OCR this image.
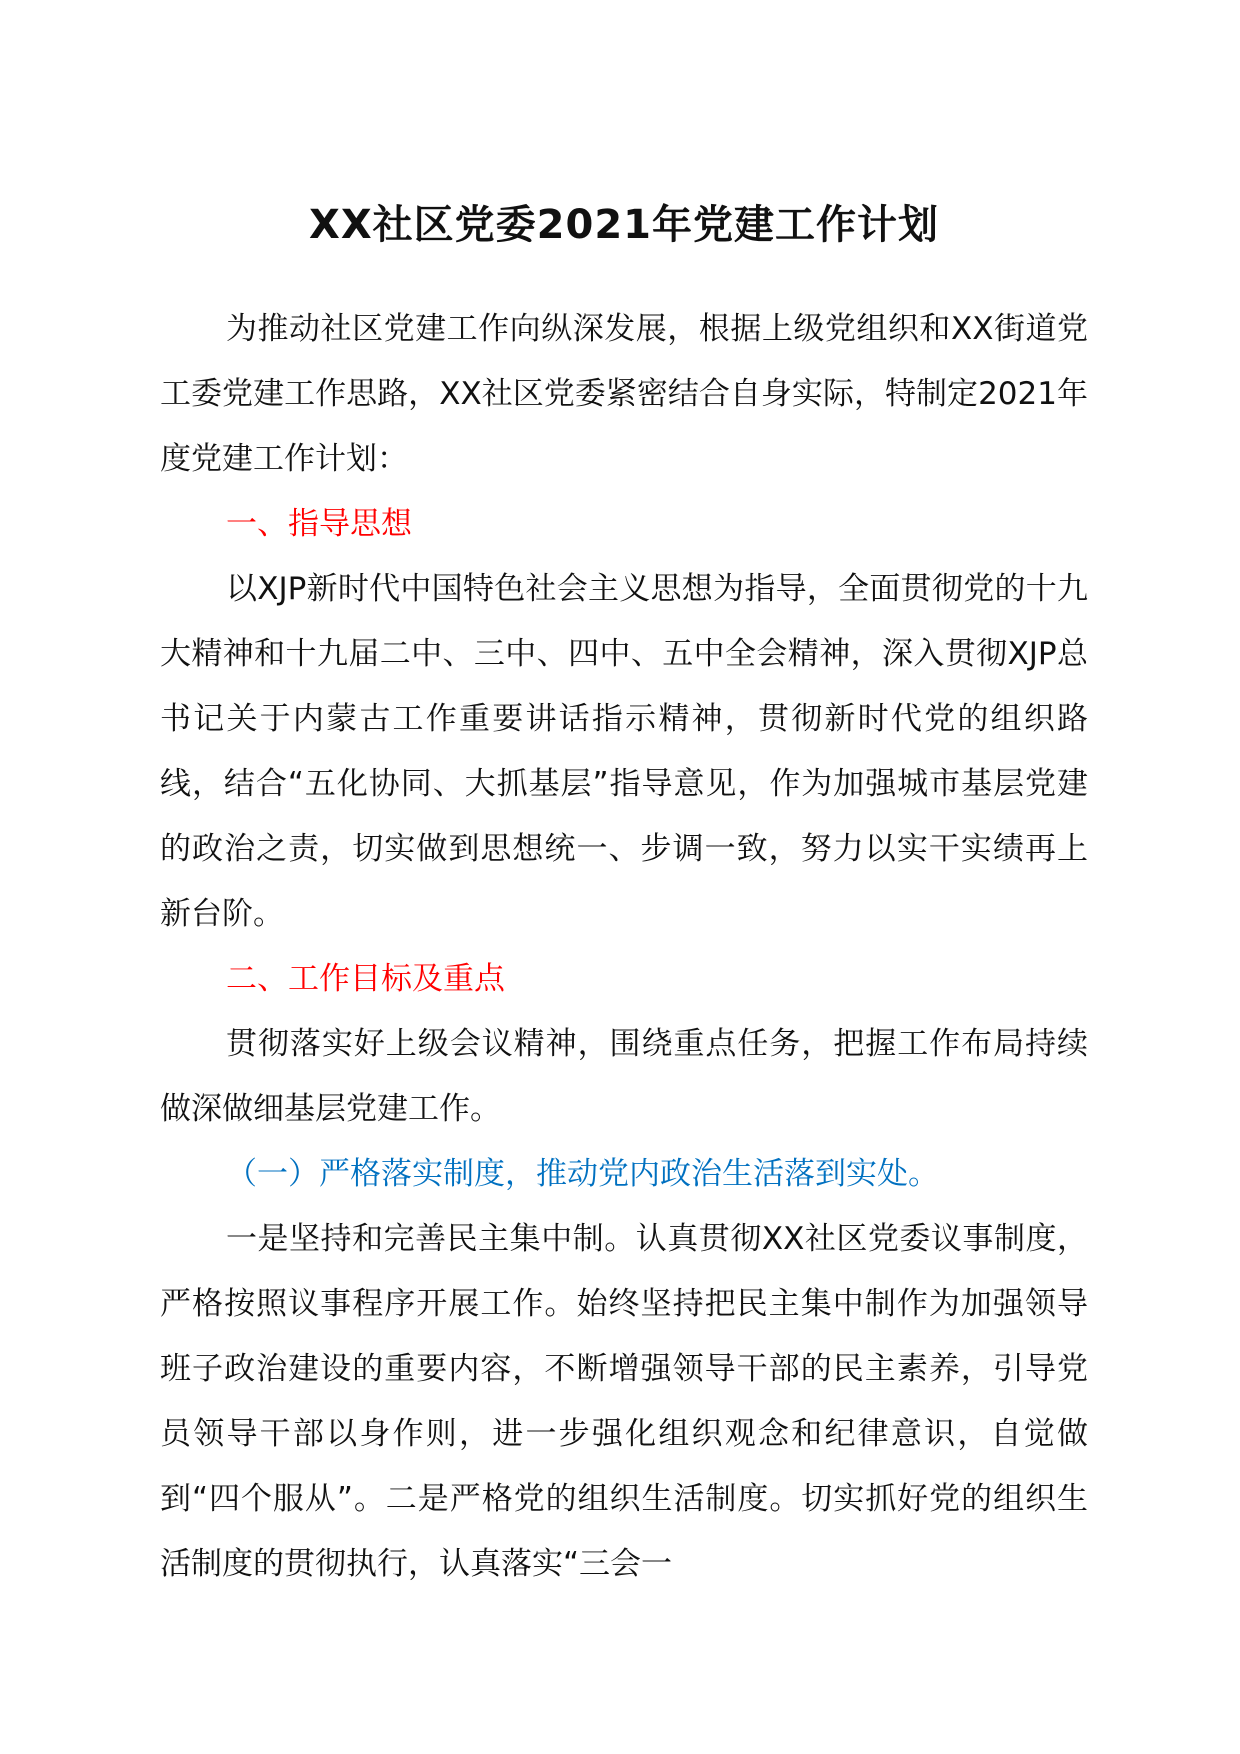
XX社区党委2021年党建工作计划

为推动社区党建工作向纵深发展，根据上级党组织和XX街道党工委党建工作思路，XX社区党委紧密结合自身实际，特制定2021年度党建工作计划：

一、指导思想

以XJP新时代中国特色社会主义思想为指导，全面贯彻党的十九大精神和十九届二中、三中、四中、五中全会精神，深入贯彻XJP总书记关于内蒙古工作重要讲话指示精神，贯彻新时代党的组织路线，结合“五化协同、大抓基层”指导意见，作为加强城市基层党建的政治之责，切实做到思想统一、步调一致，努力以实干实绩再上新台阶。

二、工作目标及重点

贯彻落实好上级会议精神，围绕重点任务，把握工作布局持续做深做细基层党建工作。

（一）严格落实制度，推动党内政治生活落到实处。

一是坚持和完善民主集中制。认真贯彻XX社区党委议事制度，严格按照议事程序开展工作。始终坚持把民主集中制作为加强领导班子政治建设的重要内容，不断增强领导干部的民主素养，引导党员领导干部以身作则，进一步强化组织观念和纪律意识，自觉做到“四个服从”。二是严格党的组织生活制度。切实抓好党的组织生活制度的贯彻执行，认真落实“三会一
